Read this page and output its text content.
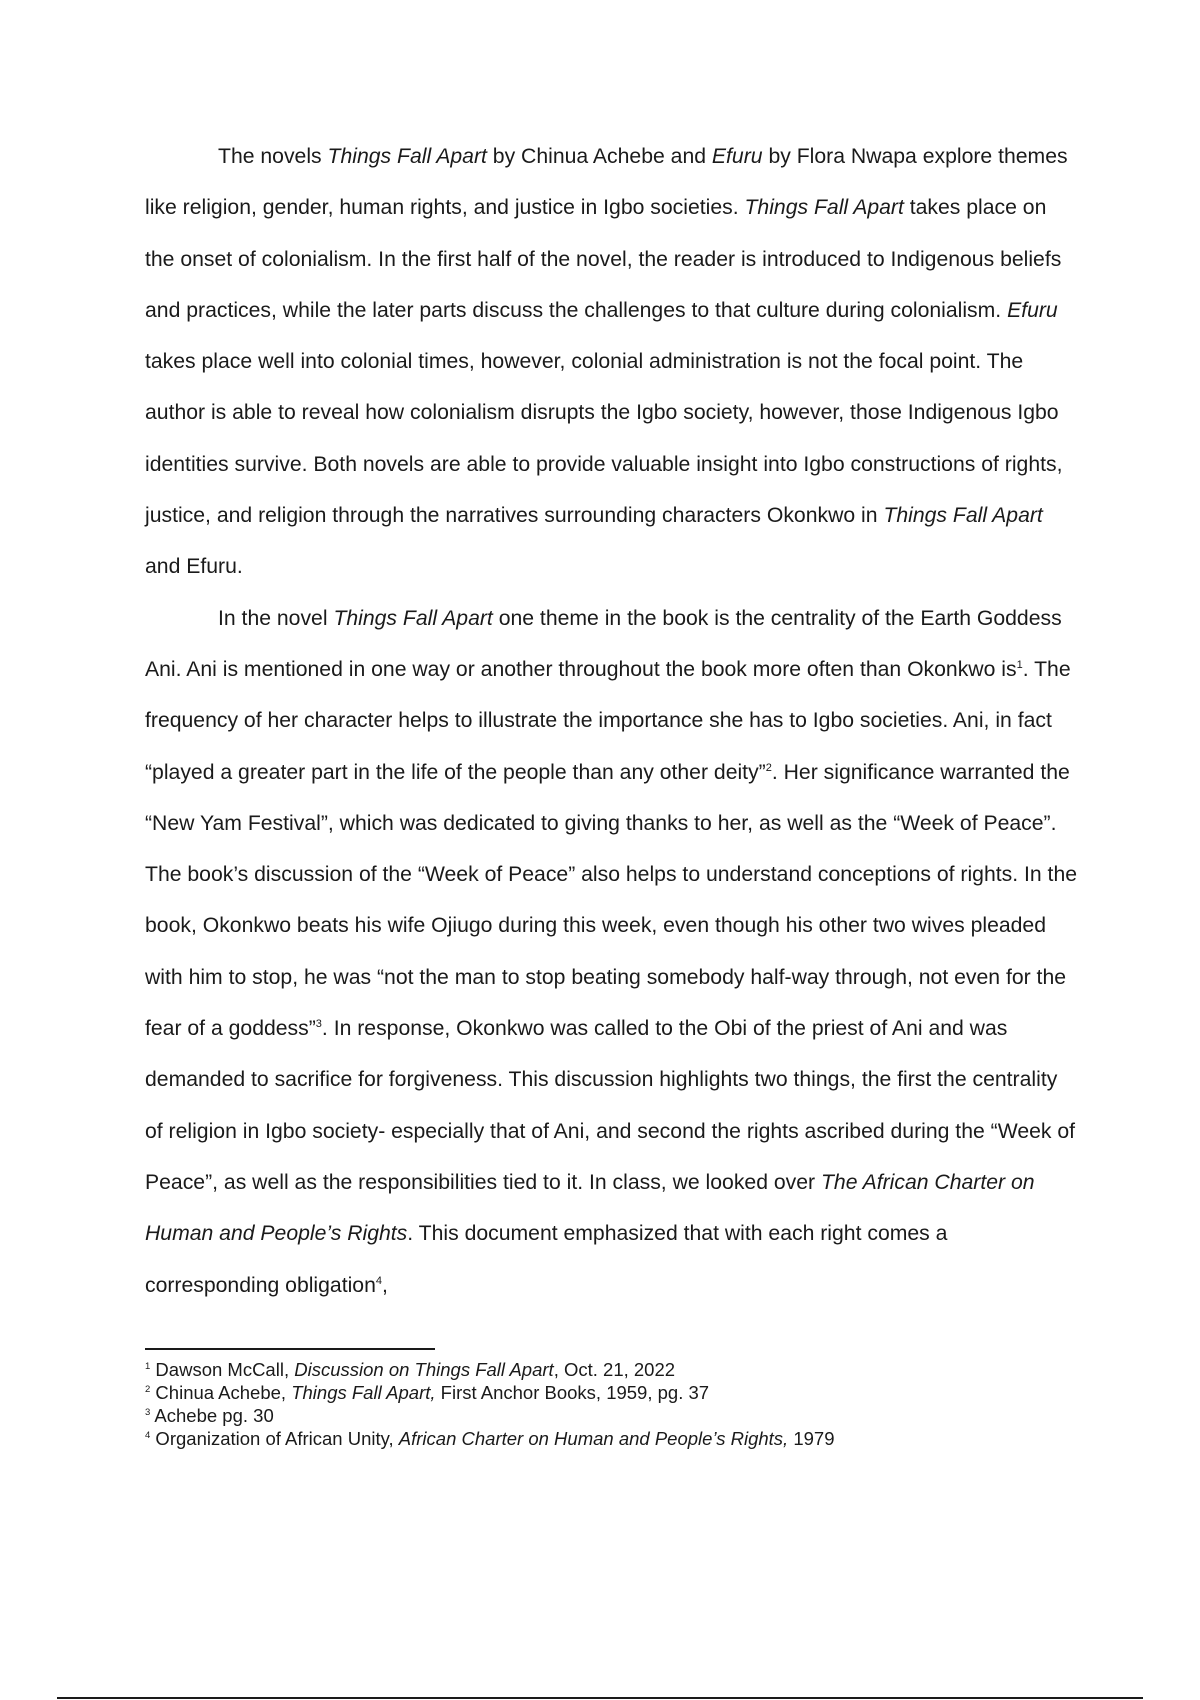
The novels Things Fall Apart by Chinua Achebe and Efuru by Flora Nwapa explore themes like religion, gender, human rights, and justice in Igbo societies. Things Fall Apart takes place on the onset of colonialism. In the first half of the novel, the reader is introduced to Indigenous beliefs and practices, while the later parts discuss the challenges to that culture during colonialism. Efuru takes place well into colonial times, however, colonial administration is not the focal point. The author is able to reveal how colonialism disrupts the Igbo society, however, those Indigenous Igbo identities survive. Both novels are able to provide valuable insight into Igbo constructions of rights, justice, and religion through the narratives surrounding characters Okonkwo in Things Fall Apart and Efuru.

In the novel Things Fall Apart one theme in the book is the centrality of the Earth Goddess Ani. Ani is mentioned in one way or another throughout the book more often than Okonkwo $is^1$. The frequency of her character helps to illustrate the importance she has to Igbo societies. Ani, in fact “played a greater part in the life of the people than any other deity”$^2$. Her significance warranted the “New Yam Festival”, which was dedicated to giving thanks to her, as well as the “Week of Peace”. The book’s discussion of the “Week of Peace” also helps to understand conceptions of rights. In the book, Okonkwo beats his wife Ojiugo during this week, even though his other two wives pleaded with him to stop, he was “not the man to stop beating somebody half-way through, not even for the fear of a goddess”$^3$. In response, Okonkwo was called to the Obi of the priest of Ani and was demanded to sacrifice for forgiveness. This discussion highlights two things, the first the centrality of religion in Igbo society- especially that of Ani, and second the rights ascribed during the “Week of Peace”, as well as the responsibilities tied to it. In class, we looked over The African Charter on Human and People’s Rights. This document emphasized that with each right comes a corresponding obligation$^4$,

$^1$ Dawson McCall, Discussion on Things Fall Apart, Oct. 21, 2022
$^2$ Chinua Achebe, Things Fall Apart, First Anchor Books, 1959, pg. 37
$^3$ Achebe pg. 30
$^4$ Organization of African Unity, African Charter on Human and People’s Rights, 1979
